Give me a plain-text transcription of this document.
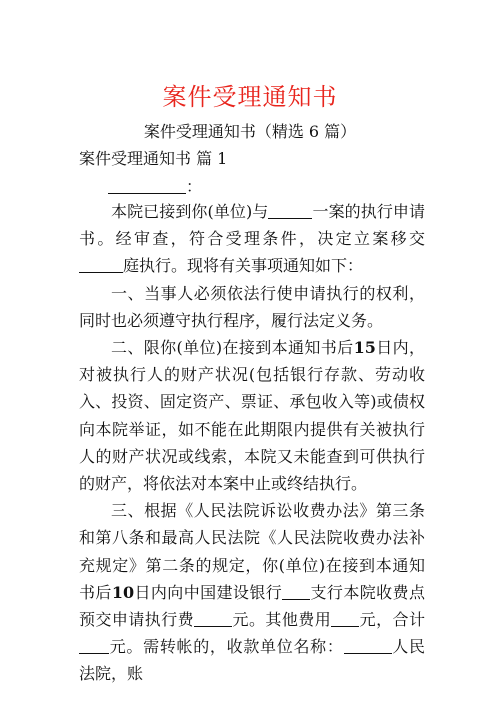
案件受理通知书
案件受理通知书（精选 6 篇）
案件受理通知书 篇 1
：

本院已接到你(单位)与	一案的执行申请书。经审查，符合受理条件，决定立案移交庭执行。现将有关事项通知如下：

一、当事人必须依法行使申请执行的权利，同时也必须遵守执行程序，履行法定义务。

二、限你(单位)在接到本通知书后15日内，对被执行人的财产状况(包括银行存款、劳动收入、投资、固定资产、票证、承包收入等)或债权向本院举证，如不能在此期限内提供有关被执行人的财产状况或线索，本院又未能查到可供执行的财产，将依法对本案中止或终结执行。

三、根据《人民法院诉讼收费办法》第三条和第八条和最高人民法院《人民法院收费办法补充规定》第二条的规定，你(单位)在接到本通知书后10日内向中国建设银行 支行本院收费点预交申请执行费 元。其他费用 元，合计元。需转帐的，收款单位名称：	人民法院，账
